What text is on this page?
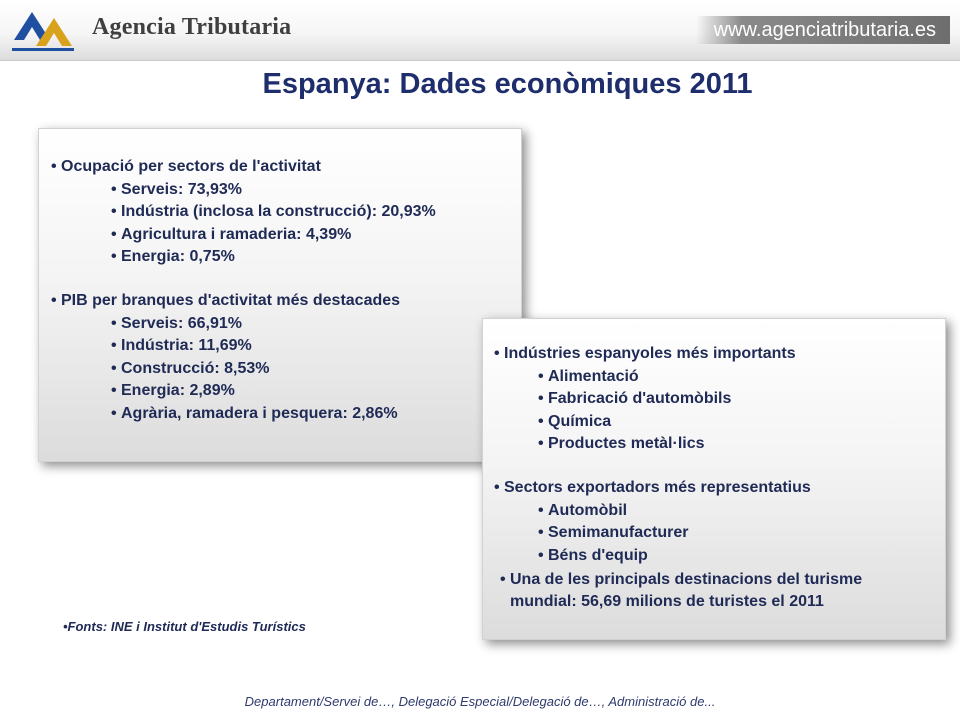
Agencia Tributaria	www.agenciatributaria.es
Espanya: Dades econòmiques 2011
• Ocupació per sectors de l'activitat
• Serveis: 73,93%
• Indústria (inclosa la construcció): 20,93%
• Agricultura i ramaderia: 4,39%
• Energia: 0,75%
• PIB per branques d'activitat més destacades
• Serveis: 66,91%
• Indústria: 11,69%
• Construcció: 8,53%
• Energia: 2,89%
• Agrària, ramadera i pesquera: 2,86%
• Indústries espanyoles més importants
• Alimentació
• Fabricació d'automòbils
• Química
• Productes metàl·lics
• Sectors exportadors més representatius
• Automòbil
• Semimanufacturer
• Béns d'equip
• Una de les principals destinacions del turisme
mundial: 56,69 milions de turistes el 2011
•Fonts: INE i Institut d'Estudis Turístics
Departament/Servei de…, Delegació Especial/Delegació de…, Administració de...
